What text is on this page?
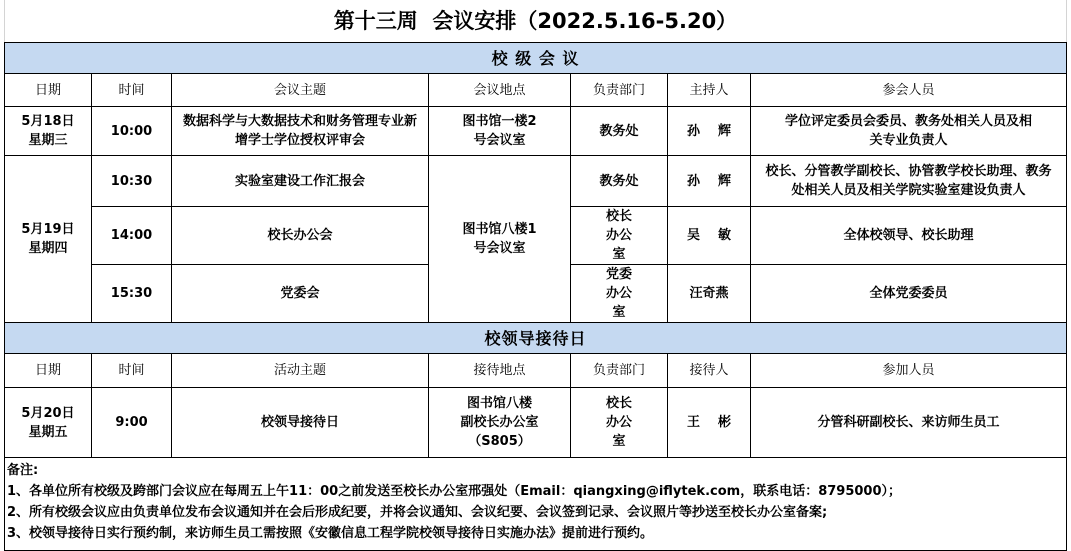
第十三周  会议安排（2022.5.16-5.20）
校 级 会 议						
日期	时间	会议主题	会议地点	负责部门	主持人	参会人员

5月18日
星期三	10:00	数据科学与大数据技术和财务管理专业新增学士学位授权评审会	图书馆一楼2号会议室	教务处	孙    辉	学位评定委员会委员、教务处相关人员及相关专业负责人

5月19日
星期四	10:30	实验室建设工作汇报会	图书馆八楼1号会议室	教务处	孙    辉	校长、分管教学副校长、协管教学校长助理、教务处相关人员及相关学院实验室建设负责人
	14:00	校长办公会		校长办公室	吴    敏	全体校领导、校长助理
	15:30	党委会		党委办公室	汪奇燕	全体党委委员
校领导接待日						
日期	时间	活动主题	接待地点	负责部门	接待人	参加人员

5月20日
星期五	9:00	校领导接待日	图书馆八楼
副校长办公室
（S805）	校长办公室	王    彬	分管科研副校长、来访师生员工

备注:
1、各单位所有校级及跨部门会议应在每周五上午11：00之前发送至校长办公室邢强处（Email：qiangxing@iflytek.com，联系电话：8795000）；
2、所有校级会议应由负责单位发布会议通知并在会后形成纪要，并将会议通知、会议纪要、会议签到记录、会议照片等抄送至校长办公室备案;
3、校领导接待日实行预约制，来访师生员工需按照《安徽信息工程学院校领导接待日实施办法》提前进行预约。						
